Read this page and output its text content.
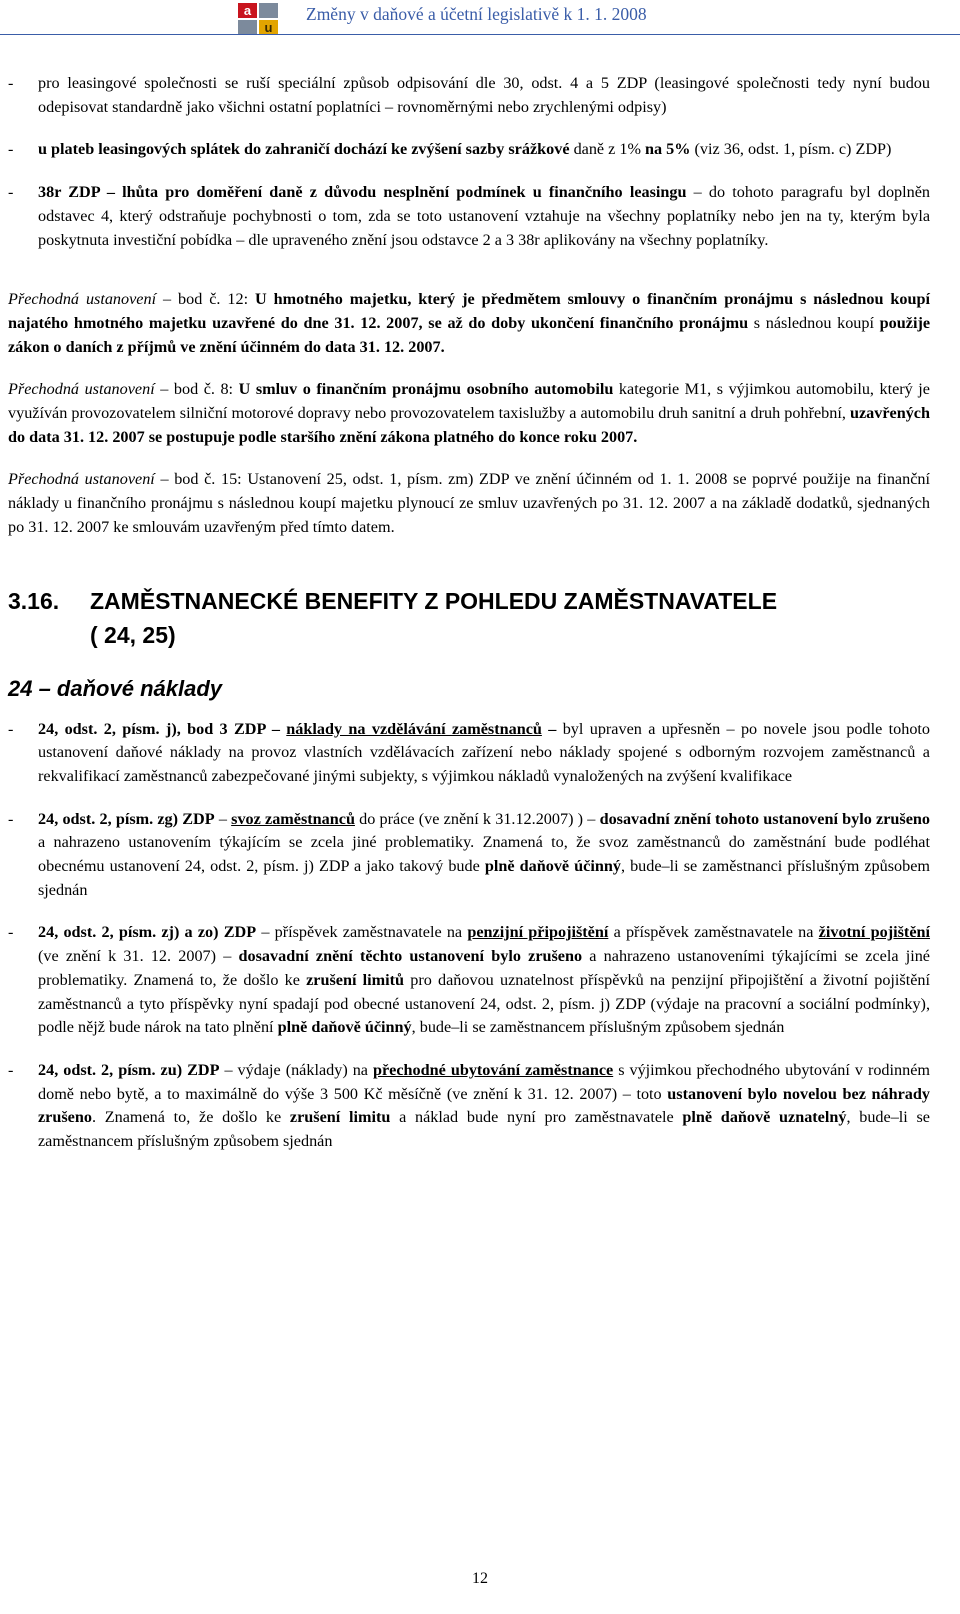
a
u
Změny v daňové a účetní legislativě k 1. 1. 2008

- pro leasingové společnosti se ruší speciální způsob odpisování dle 30, odst. 4 a 5 ZDP (leasingové společnosti tedy nyní budou odepisovat standardně jako všichni ostatní poplatníci – rovnoměrnými nebo zrychlenými odpisy)

- u plateb leasingových splátek do zahraničí dochází ke zvýšení sazby srážkové daně z 1% na 5% (viz 36, odst. 1, písm. c) ZDP)

- 38r ZDP – lhůta pro doměření daně z důvodu nesplnění podmínek u finančního leasingu – do tohoto paragrafu byl doplněn odstavec 4, který odstraňuje pochybnosti o tom, zda se toto ustanovení vztahuje na všechny poplatníky nebo jen na ty, kterým byla poskytnuta investiční pobídka – dle upraveného znění jsou odstavce 2 a 3 38r aplikovány na všechny poplatníky.

Přechodná ustanovení – bod č. 12: U hmotného majetku, který je předmětem smlouvy o finančním pronájmu s následnou koupí najatého hmotného majetku uzavřené do dne 31. 12. 2007, se až do doby ukončení finančního pronájmu s následnou koupí použije zákon o daních z příjmů ve znění účinném do data 31. 12. 2007.

Přechodná ustanovení – bod č. 8: U smluv o finančním pronájmu osobního automobilu kategorie M1, s výjimkou automobilu, který je využíván provozovatelem silniční motorové dopravy nebo provozovatelem taxislužby a automobilu druh sanitní a druh pohřební, uzavřených do data 31. 12. 2007 se postupuje podle staršího znění zákona platného do konce roku 2007.

Přechodná ustanovení – bod č. 15: Ustanovení 25, odst. 1, písm. zm) ZDP ve znění účinném od 1. 1. 2008 se poprvé použije na finanční náklady u finančního pronájmu s následnou koupí majetku plynoucí ze smluv uzavřených po 31. 12. 2007 a na základě dodatků, sjednaných po 31. 12. 2007 ke smlouvám uzavřeným před tímto datem.

3.16. ZAMĚSTNANECKÉ BENEFITY Z POHLEDU ZAMĚSTNAVATELE
( 24, 25)
24 – daňové náklady

- 24, odst. 2, písm. j), bod 3 ZDP – náklady na vzdělávání zaměstnanců – byl upraven a upřesněn – po novele jsou podle tohoto ustanovení daňové náklady na provoz vlastních vzdělávacích zařízení nebo náklady spojené s odborným rozvojem zaměstnanců a rekvalifikací zaměstnanců zabezpečované jinými subjekty, s výjimkou nákladů vynaložených na zvýšení kvalifikace

- 24, odst. 2, písm. zg) ZDP – svoz zaměstnanců do práce (ve znění k 31.12.2007) ) – dosavadní znění tohoto ustanovení bylo zrušeno a nahrazeno ustanovením týkajícím se zcela jiné problematiky. Znamená to, že svoz zaměstnanců do zaměstnání bude podléhat obecnému ustanovení 24, odst. 2, písm. j) ZDP a jako takový bude plně daňově účinný, bude–li se zaměstnanci příslušným způsobem sjednán

- 24, odst. 2, písm. zj) a zo) ZDP – příspěvek zaměstnavatele na penzijní připojištění a příspěvek zaměstnavatele na životní pojištění (ve znění k 31. 12. 2007) – dosavadní znění těchto ustanovení bylo zrušeno a nahrazeno ustanoveními týkajícími se zcela jiné problematiky. Znamená to, že došlo ke zrušení limitů pro daňovou uznatelnost příspěvků na penzijní připojištění a životní pojištění zaměstnanců a tyto příspěvky nyní spadají pod obecné ustanovení 24, odst. 2, písm. j) ZDP (výdaje na pracovní a sociální podmínky), podle nějž bude nárok na tato plnění plně daňově účinný, bude–li se zaměstnancem příslušným způsobem sjednán

- 24, odst. 2, písm. zu) ZDP – výdaje (náklady) na přechodné ubytování zaměstnance s výjimkou přechodného ubytování v rodinném domě nebo bytě, a to maximálně do výše 3 500 Kč měsíčně (ve znění k 31. 12. 2007) – toto ustanovení bylo novelou bez náhrady zrušeno. Znamená to, že došlo ke zrušení limitu a náklad bude nyní pro zaměstnavatele plně daňově uznatelný, bude–li se zaměstnancem příslušným způsobem sjednán

12
